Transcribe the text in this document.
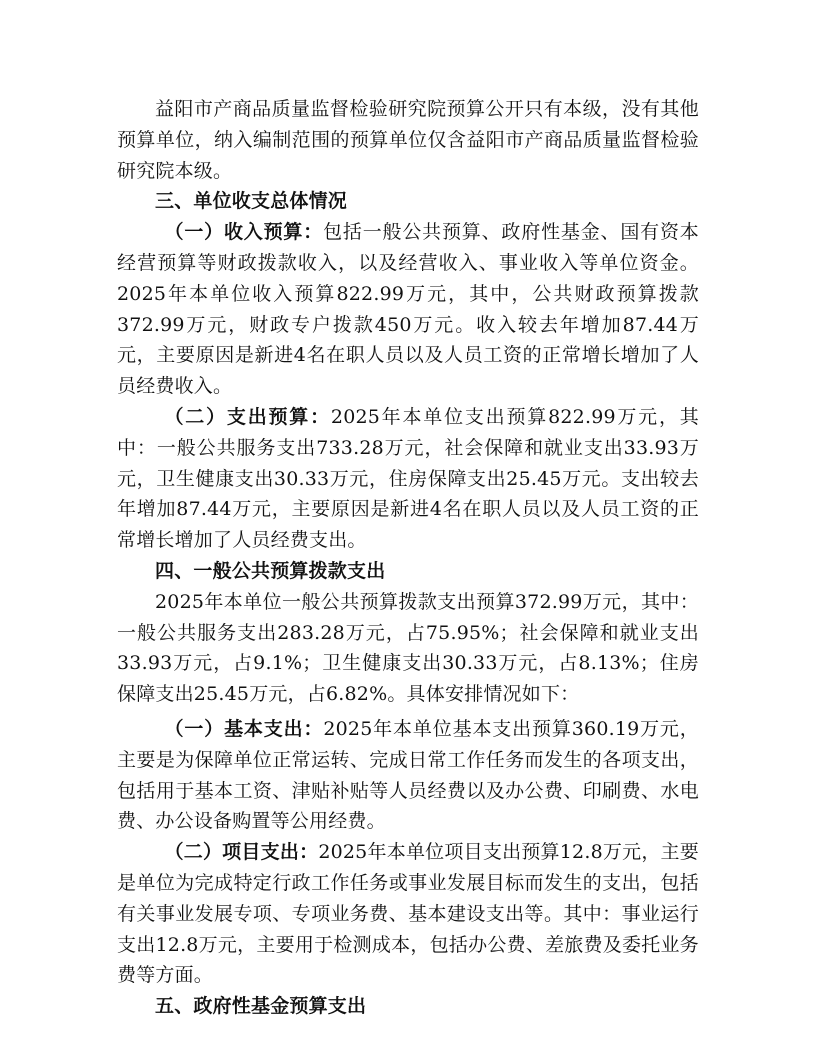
益阳市产商品质量监督检验研究院预算公开只有本级，没有其他预算单位，纳入编制范围的预算单位仅含益阳市产商品质量监督检验研究院本级。

三、单位收支总体情况

（一）收入预算：包括一般公共预算、政府性基金、国有资本经营预算等财政拨款收入，以及经营收入、事业收入等单位资金。2025年本单位收入预算822.99万元，其中，公共财政预算拨款372.99万元，财政专户拨款450万元。收入较去年增加87.44万元，主要原因是新进4名在职人员以及人员工资的正常增长增加了人员经费收入。

（二）支出预算：2025年本单位支出预算822.99万元，其中：一般公共服务支出733.28万元，社会保障和就业支出33.93万元，卫生健康支出30.33万元，住房保障支出25.45万元。支出较去年增加87.44万元，主要原因是新进4名在职人员以及人员工资的正常增长增加了人员经费支出。

四、一般公共预算拨款支出

2025年本单位一般公共预算拨款支出预算372.99万元，其中：一般公共服务支出283.28万元，占75.95%；社会保障和就业支出33.93万元，占9.1%；卫生健康支出30.33万元，占8.13%；住房保障支出25.45万元，占6.82%。具体安排情况如下：

（一）基本支出：2025年本单位基本支出预算360.19万元，主要是为保障单位正常运转、完成日常工作任务而发生的各项支出，包括用于基本工资、津贴补贴等人员经费以及办公费、印刷费、水电费、办公设备购置等公用经费。

（二）项目支出：2025年本单位项目支出预算12.8万元，主要是单位为完成特定行政工作任务或事业发展目标而发生的支出，包括有关事业发展专项、专项业务费、基本建设支出等。其中：事业运行支出12.8万元，主要用于检测成本，包括办公费、差旅费及委托业务费等方面。

五、政府性基金预算支出
